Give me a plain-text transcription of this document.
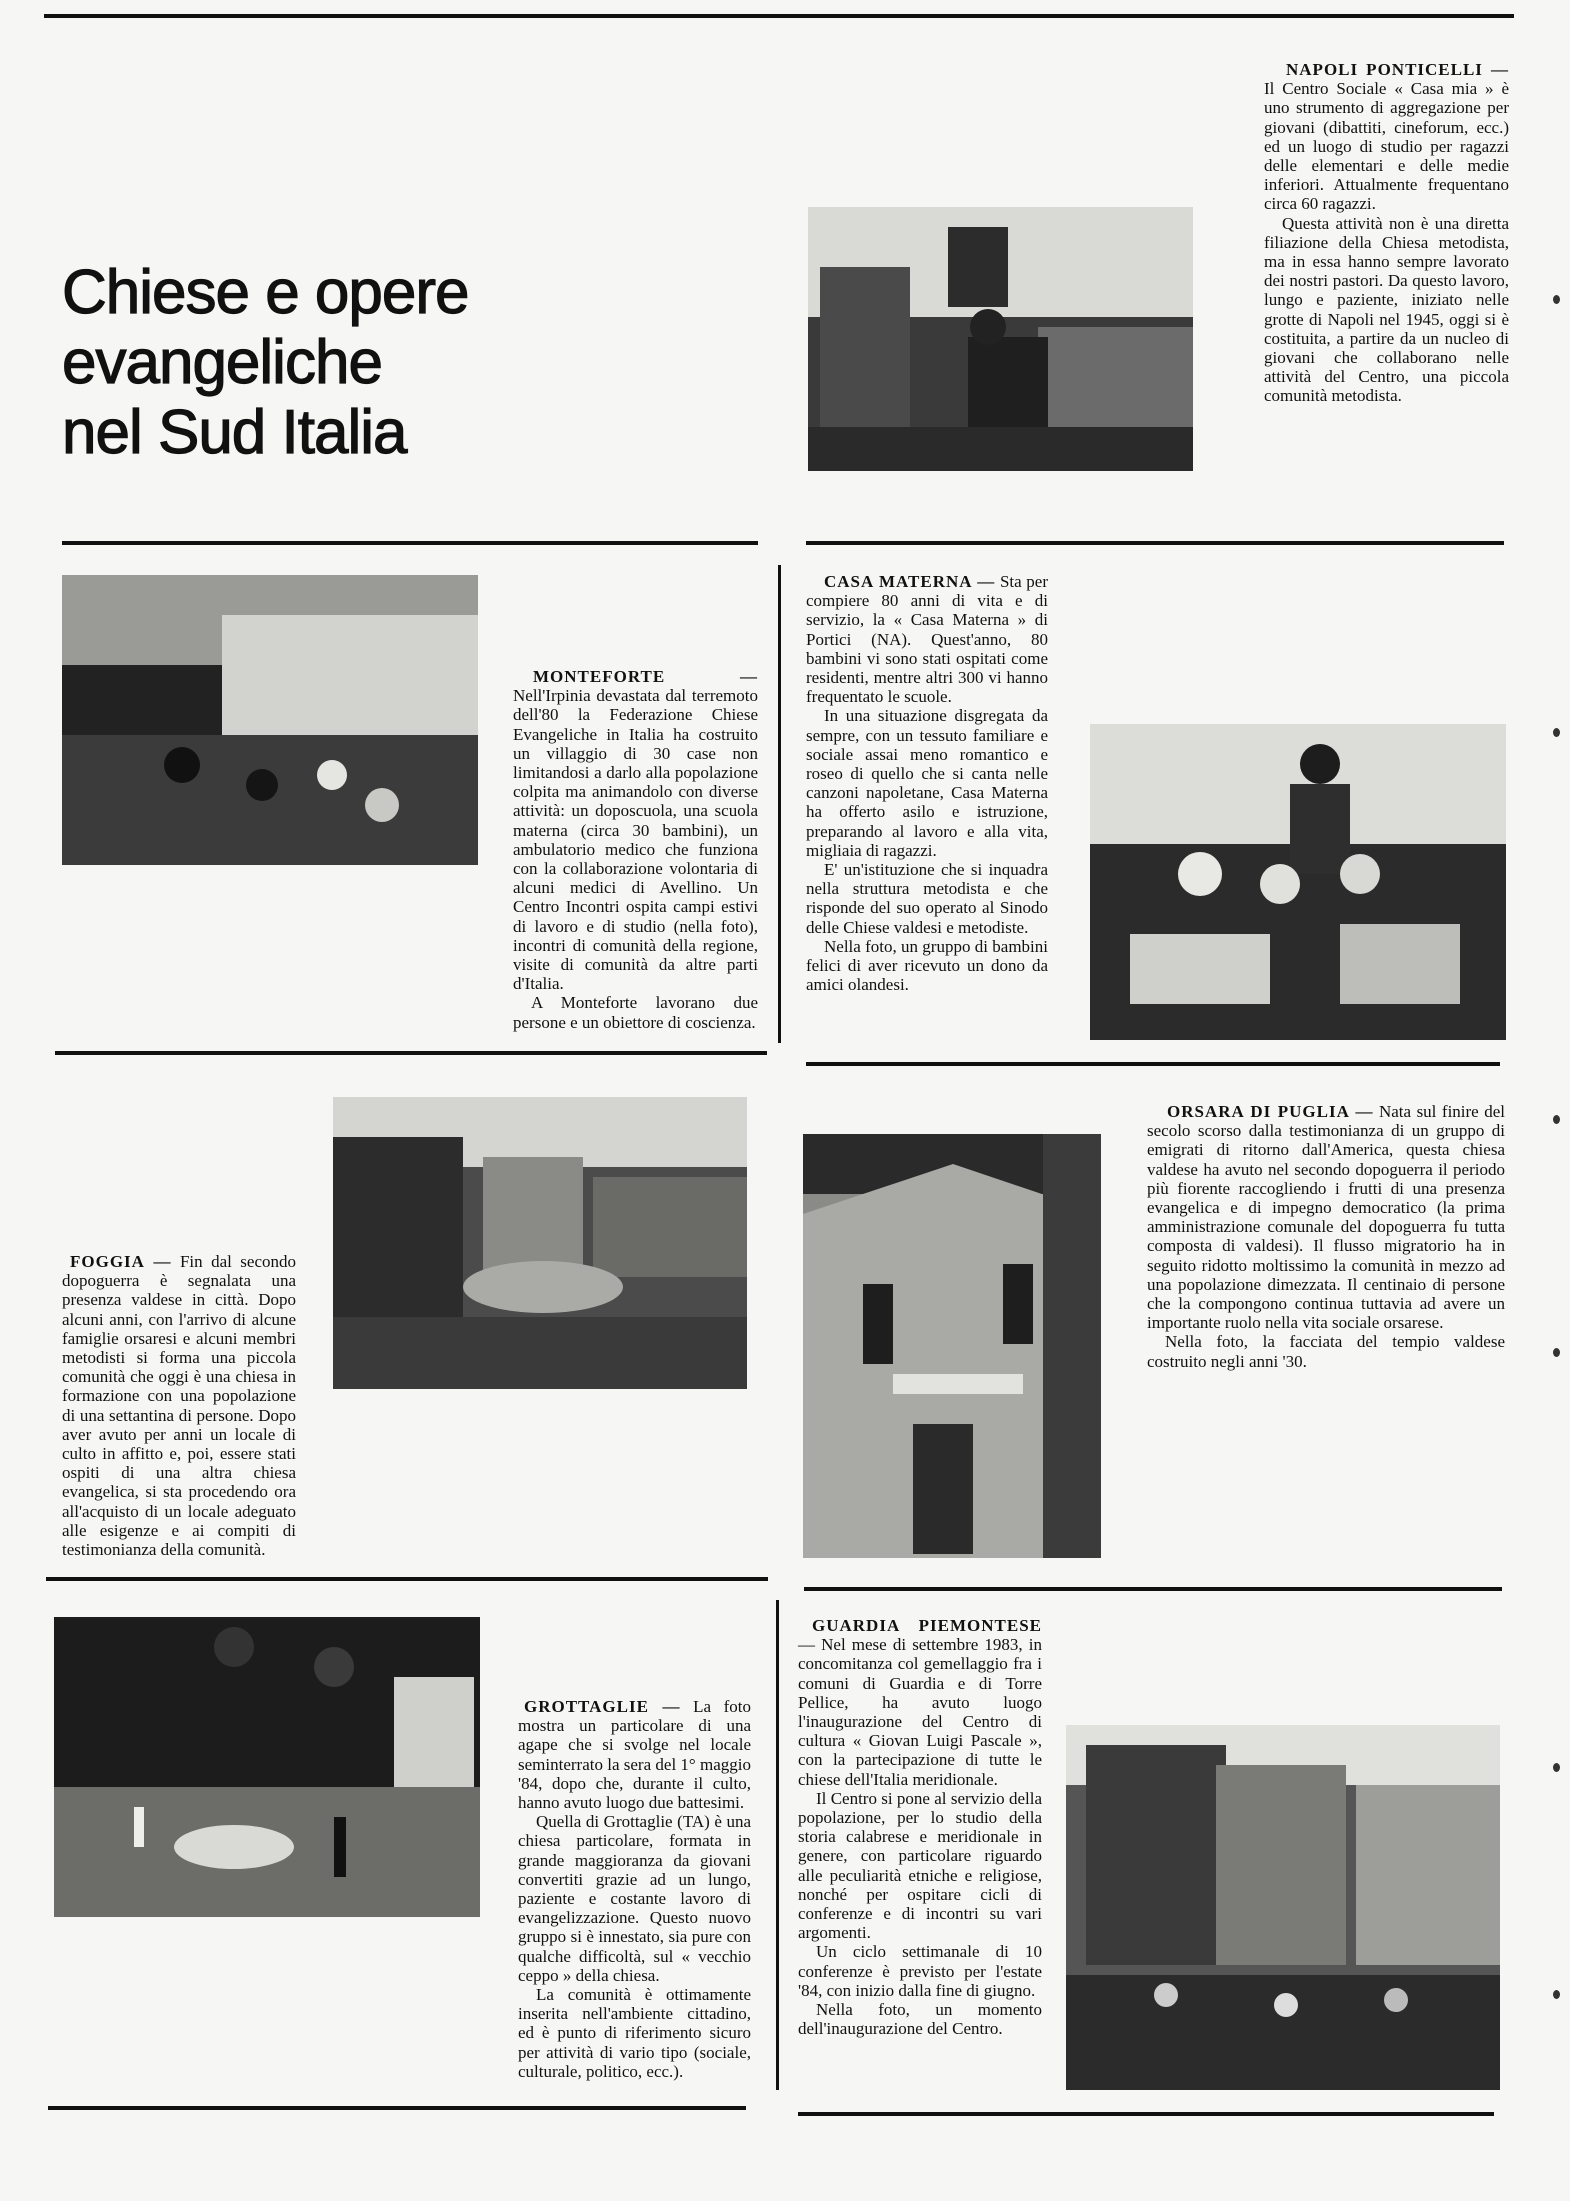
Chiese e opere
evangeliche
nel Sud Italia

NAPOLI PONTICELLI — Il Centro Sociale « Casa mia » è uno strumento di aggregazione per giovani (dibattiti, cineforum, ecc.) ed un luogo di studio per ragazzi delle elementari e delle medie inferiori. Attualmente frequentano circa 60 ragazzi.

Questa attività non è una diretta filiazione della Chiesa metodista, ma in essa hanno sempre lavorato dei nostri pastori. Da questo lavoro, lungo e paziente, iniziato nelle grotte di Napoli nel 1945, oggi si è costituita, a partire da un nucleo di giovani che collaborano nelle attività del Centro, una piccola comunità metodista.

MONTEFORTE — Nell'Irpinia devastata dal terremoto dell'80 la Federazione Chiese Evangeliche in Italia ha costruito un villaggio di 30 case non limitandosi a darlo alla popolazione colpita ma animandolo con diverse attività: un doposcuola, una scuola materna (circa 30 bambini), un ambulatorio medico che funziona con la collaborazione volontaria di alcuni medici di Avellino. Un Centro Incontri ospita campi estivi di lavoro e di studio (nella foto), incontri di comunità della regione, visite di comunità da altre parti d'Italia.

A Monteforte lavorano due persone e un obiettore di coscienza.

CASA MATERNA — Sta per compiere 80 anni di vita e di servizio, la « Casa Materna » di Portici (NA). Quest'anno, 80 bambini vi sono stati ospitati come residenti, mentre altri 300 vi hanno frequentato le scuole.

In una situazione disgregata da sempre, con un tessuto familiare e sociale assai meno romantico e roseo di quello che si canta nelle canzoni napoletane, Casa Materna ha offerto asilo e istruzione, preparando al lavoro e alla vita, migliaia di ragazzi.

E' un'istituzione che si inquadra nella struttura metodista e che risponde del suo operato al Sinodo delle Chiese valdesi e metodiste.

Nella foto, un gruppo di bambini felici di aver ricevuto un dono da amici olandesi.

FOGGIA — Fin dal secondo dopoguerra è segnalata una presenza valdese in città. Dopo alcuni anni, con l'arrivo di alcune famiglie orsaresi e alcuni membri metodisti si forma una piccola comunità che oggi è una chiesa in formazione con una popolazione di una settantina di persone. Dopo aver avuto per anni un locale di culto in affitto e, poi, essere stati ospiti di una altra chiesa evangelica, si sta procedendo ora all'acquisto di un locale adeguato alle esigenze e ai compiti di testimonianza della comunità.

ORSARA DI PUGLIA — Nata sul finire del secolo scorso dalla testimonianza di un gruppo di emigrati di ritorno dall'America, questa chiesa valdese ha avuto nel secondo dopoguerra il periodo più fiorente raccogliendo i frutti di una presenza evangelica e di impegno democratico (la prima amministrazione comunale del dopoguerra fu tutta composta di valdesi). Il flusso migratorio ha in seguito ridotto moltissimo la comunità in mezzo ad una popolazione dimezzata. Il centinaio di persone che la compongono continua tuttavia ad avere un importante ruolo nella vita sociale orsarese.

Nella foto, la facciata del tempio valdese costruito negli anni '30.

GROTTAGLIE — La foto mostra un particolare di una agape che si svolge nel locale seminterrato la sera del 1° maggio '84, dopo che, durante il culto, hanno avuto luogo due battesimi.

Quella di Grottaglie (TA) è una chiesa particolare, formata in grande maggioranza da giovani convertiti grazie ad un lungo, paziente e costante lavoro di evangelizzazione. Questo nuovo gruppo si è innestato, sia pure con qualche difficoltà, sul « vecchio ceppo » della chiesa.

La comunità è ottimamente inserita nell'ambiente cittadino, ed è punto di riferimento sicuro per attività di vario tipo (sociale, culturale, politico, ecc.).

GUARDIA PIEMONTESE — Nel mese di settembre 1983, in concomitanza col gemellaggio fra i comuni di Guardia e di Torre Pellice, ha avuto luogo l'inaugurazione del Centro di cultura « Giovan Luigi Pascale », con la partecipazione di tutte le chiese dell'Italia meridionale.

Il Centro si pone al servizio della popolazione, per lo studio della storia calabrese e meridionale in genere, con particolare riguardo alle peculiarità etniche e religiose, nonché per ospitare cicli di conferenze e di incontri su vari argomenti.

Un ciclo settimanale di 10 conferenze è previsto per l'estate '84, con inizio dalla fine di giugno.

Nella foto, un momento dell'inaugurazione del Centro.
